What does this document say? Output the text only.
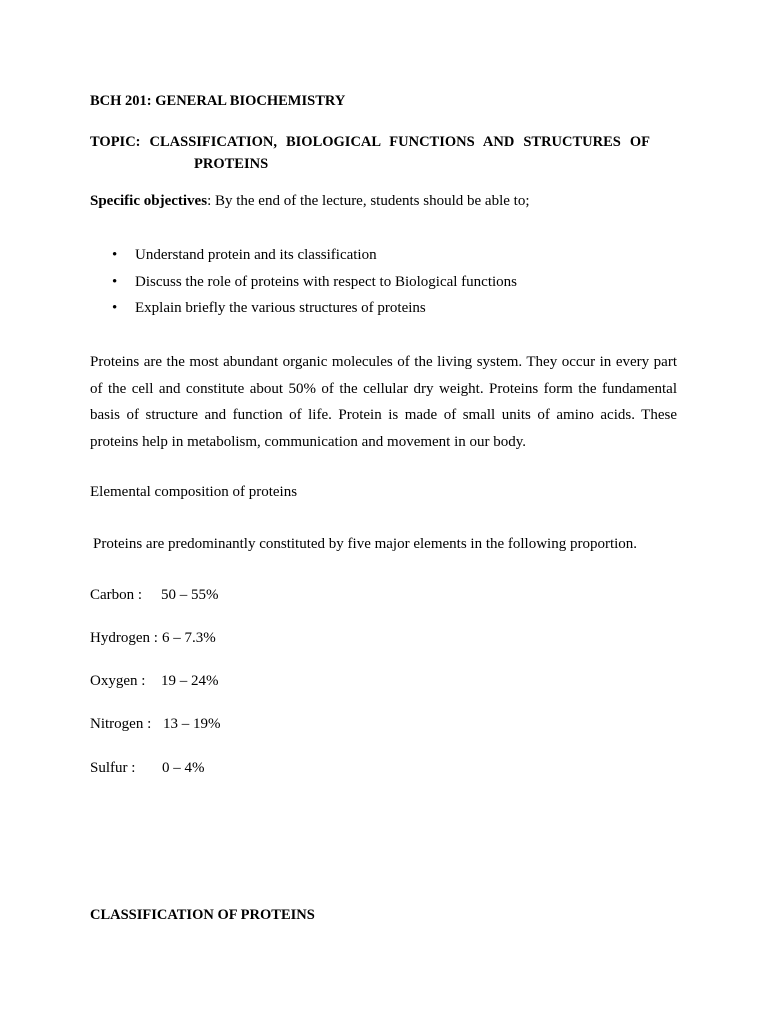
BCH 201: GENERAL BIOCHEMISTRY
TOPIC: CLASSIFICATION, BIOLOGICAL FUNCTIONS AND STRUCTURES OF
PROTEINS
Specific objectives: By the end of the lecture, students should be able to;
• Understand protein and its classification
• Discuss the role of proteins with respect to Biological functions
• Explain briefly the various structures of proteins

Proteins are the most abundant organic molecules of the living system. They occur in every part of the cell and constitute about 50% of the cellular dry weight. Proteins form the fundamental basis of structure and function of life. Protein is made of small units of amino acids. These proteins help in metabolism, communication and movement in our body.

Elemental composition of proteins
Proteins are predominantly constituted by five major elements in the following proportion.
Carbon : 50 – 55%
Hydrogen : 6 – 7.3%
Oxygen : 19 – 24%
Nitrogen : 13 – 19%
Sulfur : 0 – 4%
CLASSIFICATION OF PROTEINS
